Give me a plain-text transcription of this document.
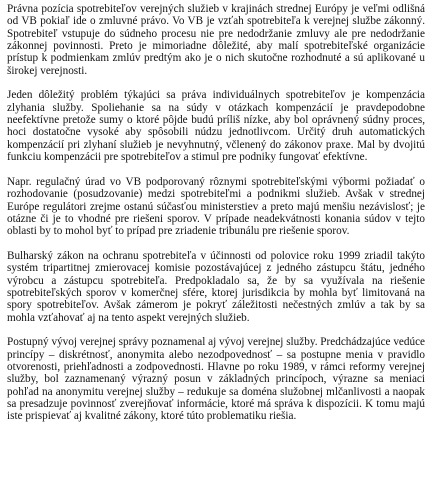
Právna pozícia spotrebiteľov verejných služieb v krajinách strednej Európy je veľmi odlišná od VB pokiaľ ide o zmluvné právo. Vo VB je vzťah spotrebiteľa k verejnej službe zákonný. Spotrebiteľ vstupuje do súdneho procesu nie pre nedodržanie zmluvy ale pre nedodržanie zákonnej povinnosti. Preto je mimoriadne dôležité, aby malí spotrebiteľské organizácie prístup k podmienkam zmlúv predtým ako je o nich skutočne rozhodnuté a sú aplikované u širokej verejnosti.

Jeden dôležitý problém týkajúci sa práva individuálnych spotrebiteľov je kompenzácia zlyhania služby. Spoliehanie sa na súdy v otázkach kompenzácií je pravdepodobne neefektívne pretože sumy o ktoré pôjde budú príliš nízke, aby bol oprávnený súdny proces, hoci dostatočne vysoké aby spôsobili núdzu jednotlivcom. Určitý druh automatických kompenzácií pri zlyhaní služieb je nevyhnutný, včlenený do zákonov praxe. Mal by dvojitú funkciu kompenzácii pre spotrebiteľov a stimul pre podniky fungovať efektívne.

Napr. regulačný úrad vo VB podporovaný rôznymi spotrebiteľskými výbormi požiadať o rozhodovanie (posudzovanie) medzi spotrebiteľmi a podnikmi služieb. Avšak v strednej Európe regulátori zrejme ostanú súčasťou ministerstiev a preto majú menšiu nezávislosť; je otázne či je to vhodné pre riešeni sporov. V prípade neadekvátnosti konania súdov v tejto oblasti by to mohol byť to prípad pre zriadenie tribunálu pre riešenie sporov.

Bulharský zákon na ochranu spotrebiteľa v účinnosti od polovice roku 1999 zriadil takýto systém tripartitnej zmierovacej komisie pozostávajúcej z jedného zástupcu štátu, jedného výrobcu a zástupcu spotrebiteľa. Predpokladalo sa, že by sa využívala na riešenie spotrebiteľských sporov v komerčnej sfére, ktorej jurisdikcia by mohla byť limitovaná na spory spotrebiteľov. Avšak zámerom je pokryť záležitosti nečestných zmlúv a tak by sa mohla vzťahovať aj na tento aspekt verejných služieb.

Postupný vývoj verejnej správy poznamenal aj vývoj verejnej služby. Predchádzajúce vedúce princípy – diskrétnosť, anonymita alebo nezodpovednosť – sa postupne menia v pravidlo otvorenosti, priehľadnosti a zodpovednosti. Hlavne po roku 1989, v rámci reformy verejnej služby, bol zaznamenaný výrazný posun v základných princípoch, výrazne sa meniaci pohľad na anonymitu verejnej služby – redukuje sa doména služobnej mlčanlivosti a naopak sa presadzuje povinnosť zverejňovať informácie, ktoré má správa k dispozícii. K tomu majú iste prispievať aj kvalitné zákony, ktoré túto problematiku riešia.
